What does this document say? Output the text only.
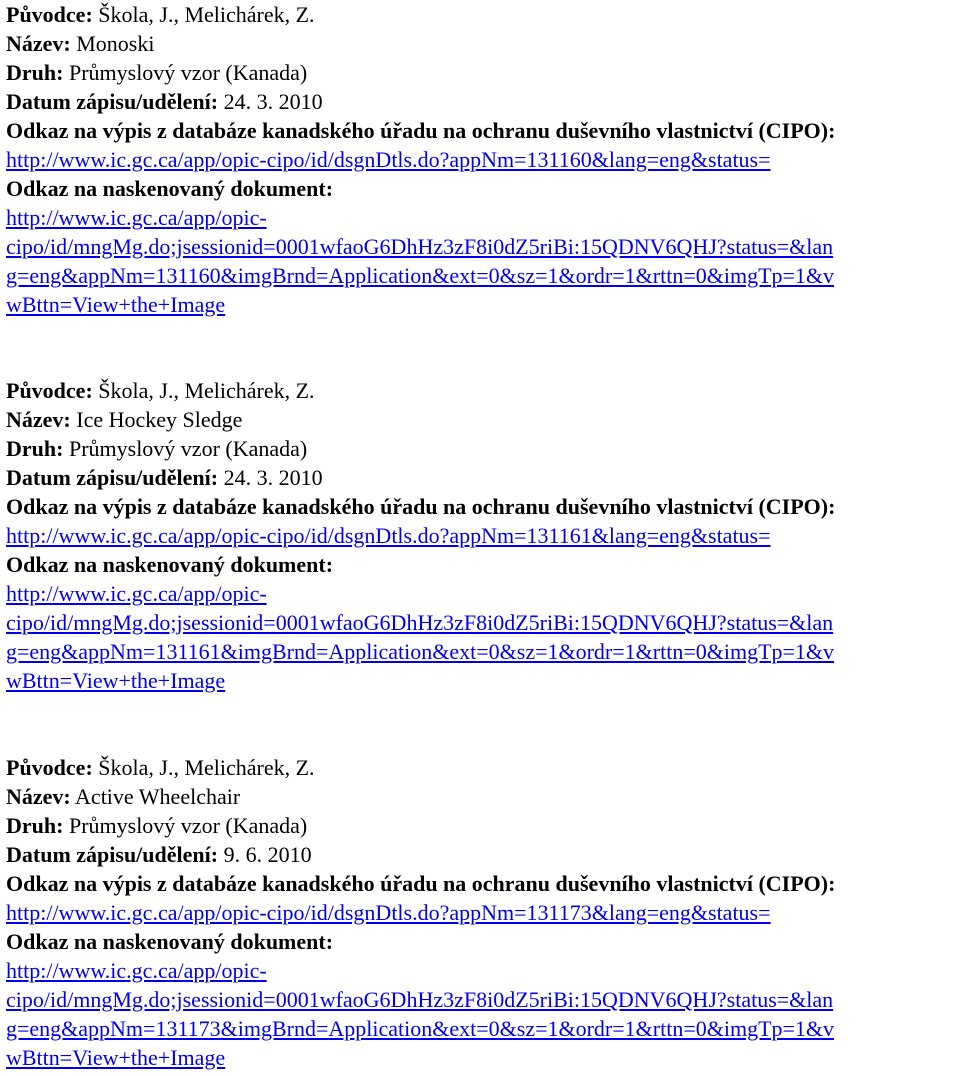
Původce: Škola, J., Melichárek, Z.
Název: Monoski
Druh: Průmyslový vzor (Kanada)
Datum zápisu/udělení: 24. 3. 2010
Odkaz na výpis z databáze kanadského úřadu na ochranu duševního vlastnictví (CIPO):
http://www.ic.gc.ca/app/opic-cipo/id/dsgnDtls.do?appNm=131160&lang=eng&status=
Odkaz na naskenovaný dokument:
http://www.ic.gc.ca/app/opic-
cipo/id/mngMg.do;jsessionid=0001wfaoG6DhHz3zF8i0dZ5riBi:15QDNV6QHJ?status=&lan
g=eng&appNm=131160&imgBrnd=Application&ext=0&sz=1&ordr=1&rttn=0&imgTp=1&v
wBttn=View+the+Image
Původce: Škola, J., Melichárek, Z.
Název: Ice Hockey Sledge
Druh: Průmyslový vzor (Kanada)
Datum zápisu/udělení: 24. 3. 2010
Odkaz na výpis z databáze kanadského úřadu na ochranu duševního vlastnictví (CIPO):
http://www.ic.gc.ca/app/opic-cipo/id/dsgnDtls.do?appNm=131161&lang=eng&status=
Odkaz na naskenovaný dokument:
http://www.ic.gc.ca/app/opic-
cipo/id/mngMg.do;jsessionid=0001wfaoG6DhHz3zF8i0dZ5riBi:15QDNV6QHJ?status=&lan
g=eng&appNm=131161&imgBrnd=Application&ext=0&sz=1&ordr=1&rttn=0&imgTp=1&v
wBttn=View+the+Image
Původce: Škola, J., Melichárek, Z.
Název: Active Wheelchair
Druh: Průmyslový vzor (Kanada)
Datum zápisu/udělení: 9. 6. 2010
Odkaz na výpis z databáze kanadského úřadu na ochranu duševního vlastnictví (CIPO):
http://www.ic.gc.ca/app/opic-cipo/id/dsgnDtls.do?appNm=131173&lang=eng&status=
Odkaz na naskenovaný dokument:
http://www.ic.gc.ca/app/opic-
cipo/id/mngMg.do;jsessionid=0001wfaoG6DhHz3zF8i0dZ5riBi:15QDNV6QHJ?status=&lan
g=eng&appNm=131173&imgBrnd=Application&ext=0&sz=1&ordr=1&rttn=0&imgTp=1&v
wBttn=View+the+Image
